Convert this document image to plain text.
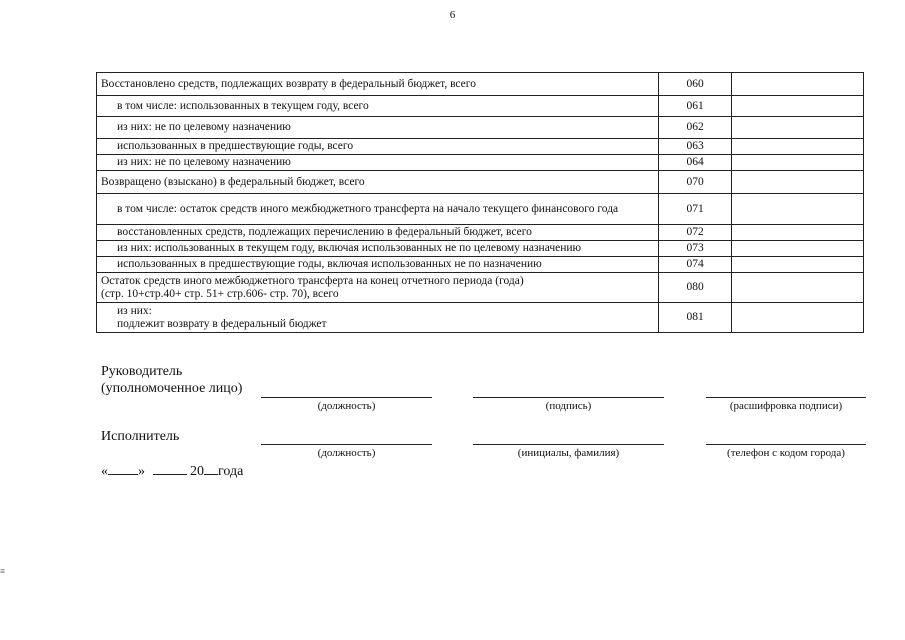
6
Восстановлено средств, подлежащих возврату в федеральный бюджет, всего	060	
в том числе: использованных в текущем году, всего	061	
из них: не по целевому назначению	062	
использованных в предшествующие годы, всего	063	
из них: не по целевому назначению	064	
Возвращено (взыскано) в федеральный бюджет, всего	070	
в том числе: остаток средств иного межбюджетного трансферта на начало текущего финансового года	071	
восстановленных средств, подлежащих перечислению в федеральный бюджет, всего	072	
из них: использованных в текущем году, включая использованных не по целевому назначению	073	
использованных в предшествующие годы, включая использованных не по назначению	074	

Остаток средств иного межбюджетного трансферта на конец отчетного периода (года)
(стр. 10+стр.40+ стр. 51+ стр.606- стр. 70), всего	080	

из них:
подлежит возврату в федеральный бюджет	081	
Руководитель
(уполномоченное лицо)
(должность)	(подпись)	(расшифровка подписи)
Исполнитель
(должность)	(инициалы, фамилия)	(телефон с кодом города)
« »	20 года
≡
